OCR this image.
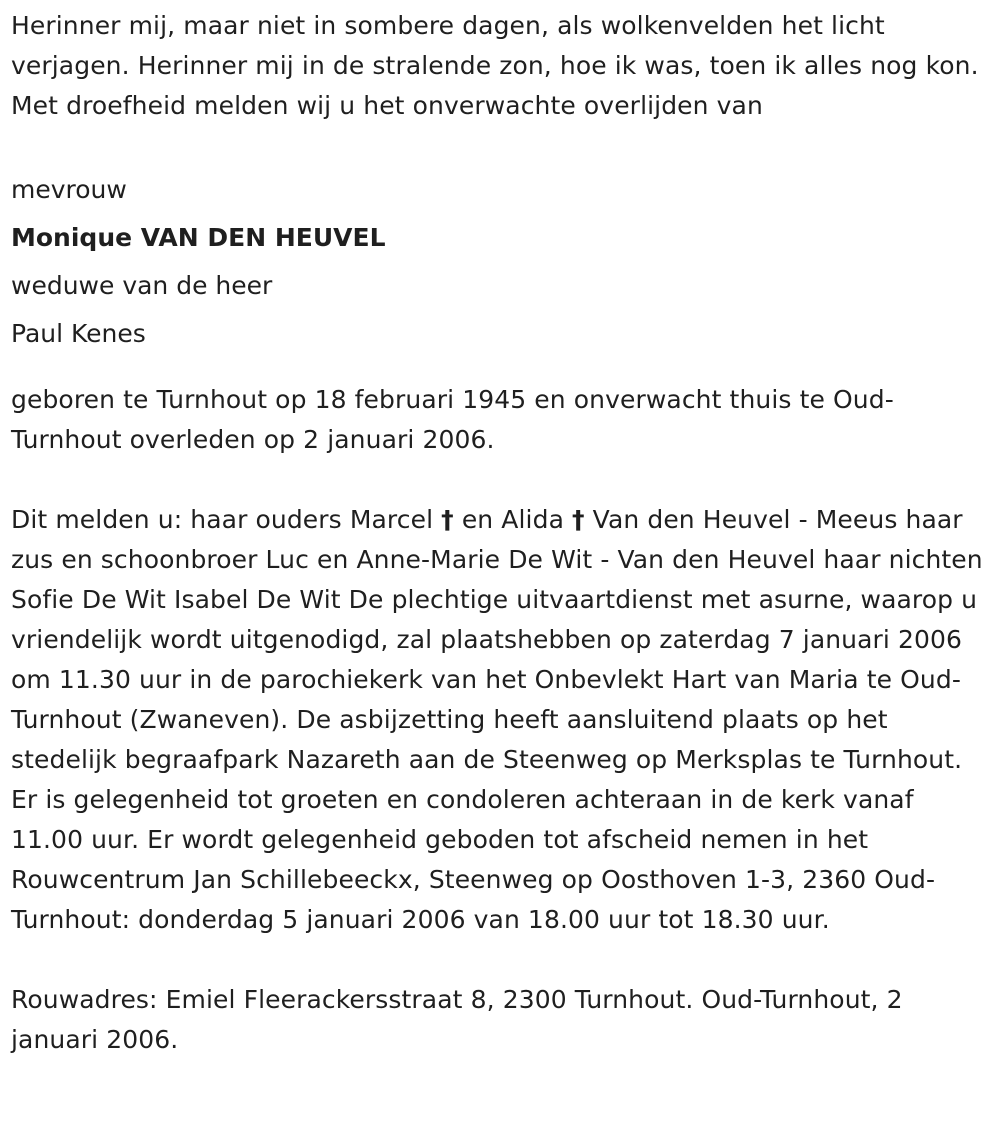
Herinner mij, maar niet in sombere dagen, als wolkenvelden het licht verjagen. Herinner mij in de stralende zon, hoe ik was, toen ik alles nog kon. Met droefheid melden wij u het onverwachte overlijden van

mevrouw

Monique VAN DEN HEUVEL

weduwe van de heer

Paul Kenes

geboren te Turnhout op 18 februari 1945 en onverwacht thuis te Oud-Turnhout overleden op 2 januari 2006.

Dit melden u: haar ouders Marcel † en Alida † Van den Heuvel - Meeus haar zus en schoonbroer Luc en Anne-Marie De Wit - Van den Heuvel haar nichten Sofie De Wit Isabel De Wit De plechtige uitvaartdienst met asurne, waarop u vriendelijk wordt uitgenodigd, zal plaatshebben op zaterdag 7 januari 2006 om 11.30 uur in de parochiekerk van het Onbevlekt Hart van Maria te Oud-Turnhout (Zwaneven). De asbijzetting heeft aansluitend plaats op het stedelijk begraafpark Nazareth aan de Steenweg op Merksplas te Turnhout. Er is gelegenheid tot groeten en condoleren achteraan in de kerk vanaf 11.00 uur. Er wordt gelegenheid geboden tot afscheid nemen in het Rouwcentrum Jan Schillebeeckx, Steenweg op Oosthoven 1-3, 2360 Oud-Turnhout: donderdag 5 januari 2006 van 18.00 uur tot 18.30 uur.

Rouwadres: Emiel Fleerackersstraat 8, 2300 Turnhout. Oud-Turnhout, 2 januari 2006.
